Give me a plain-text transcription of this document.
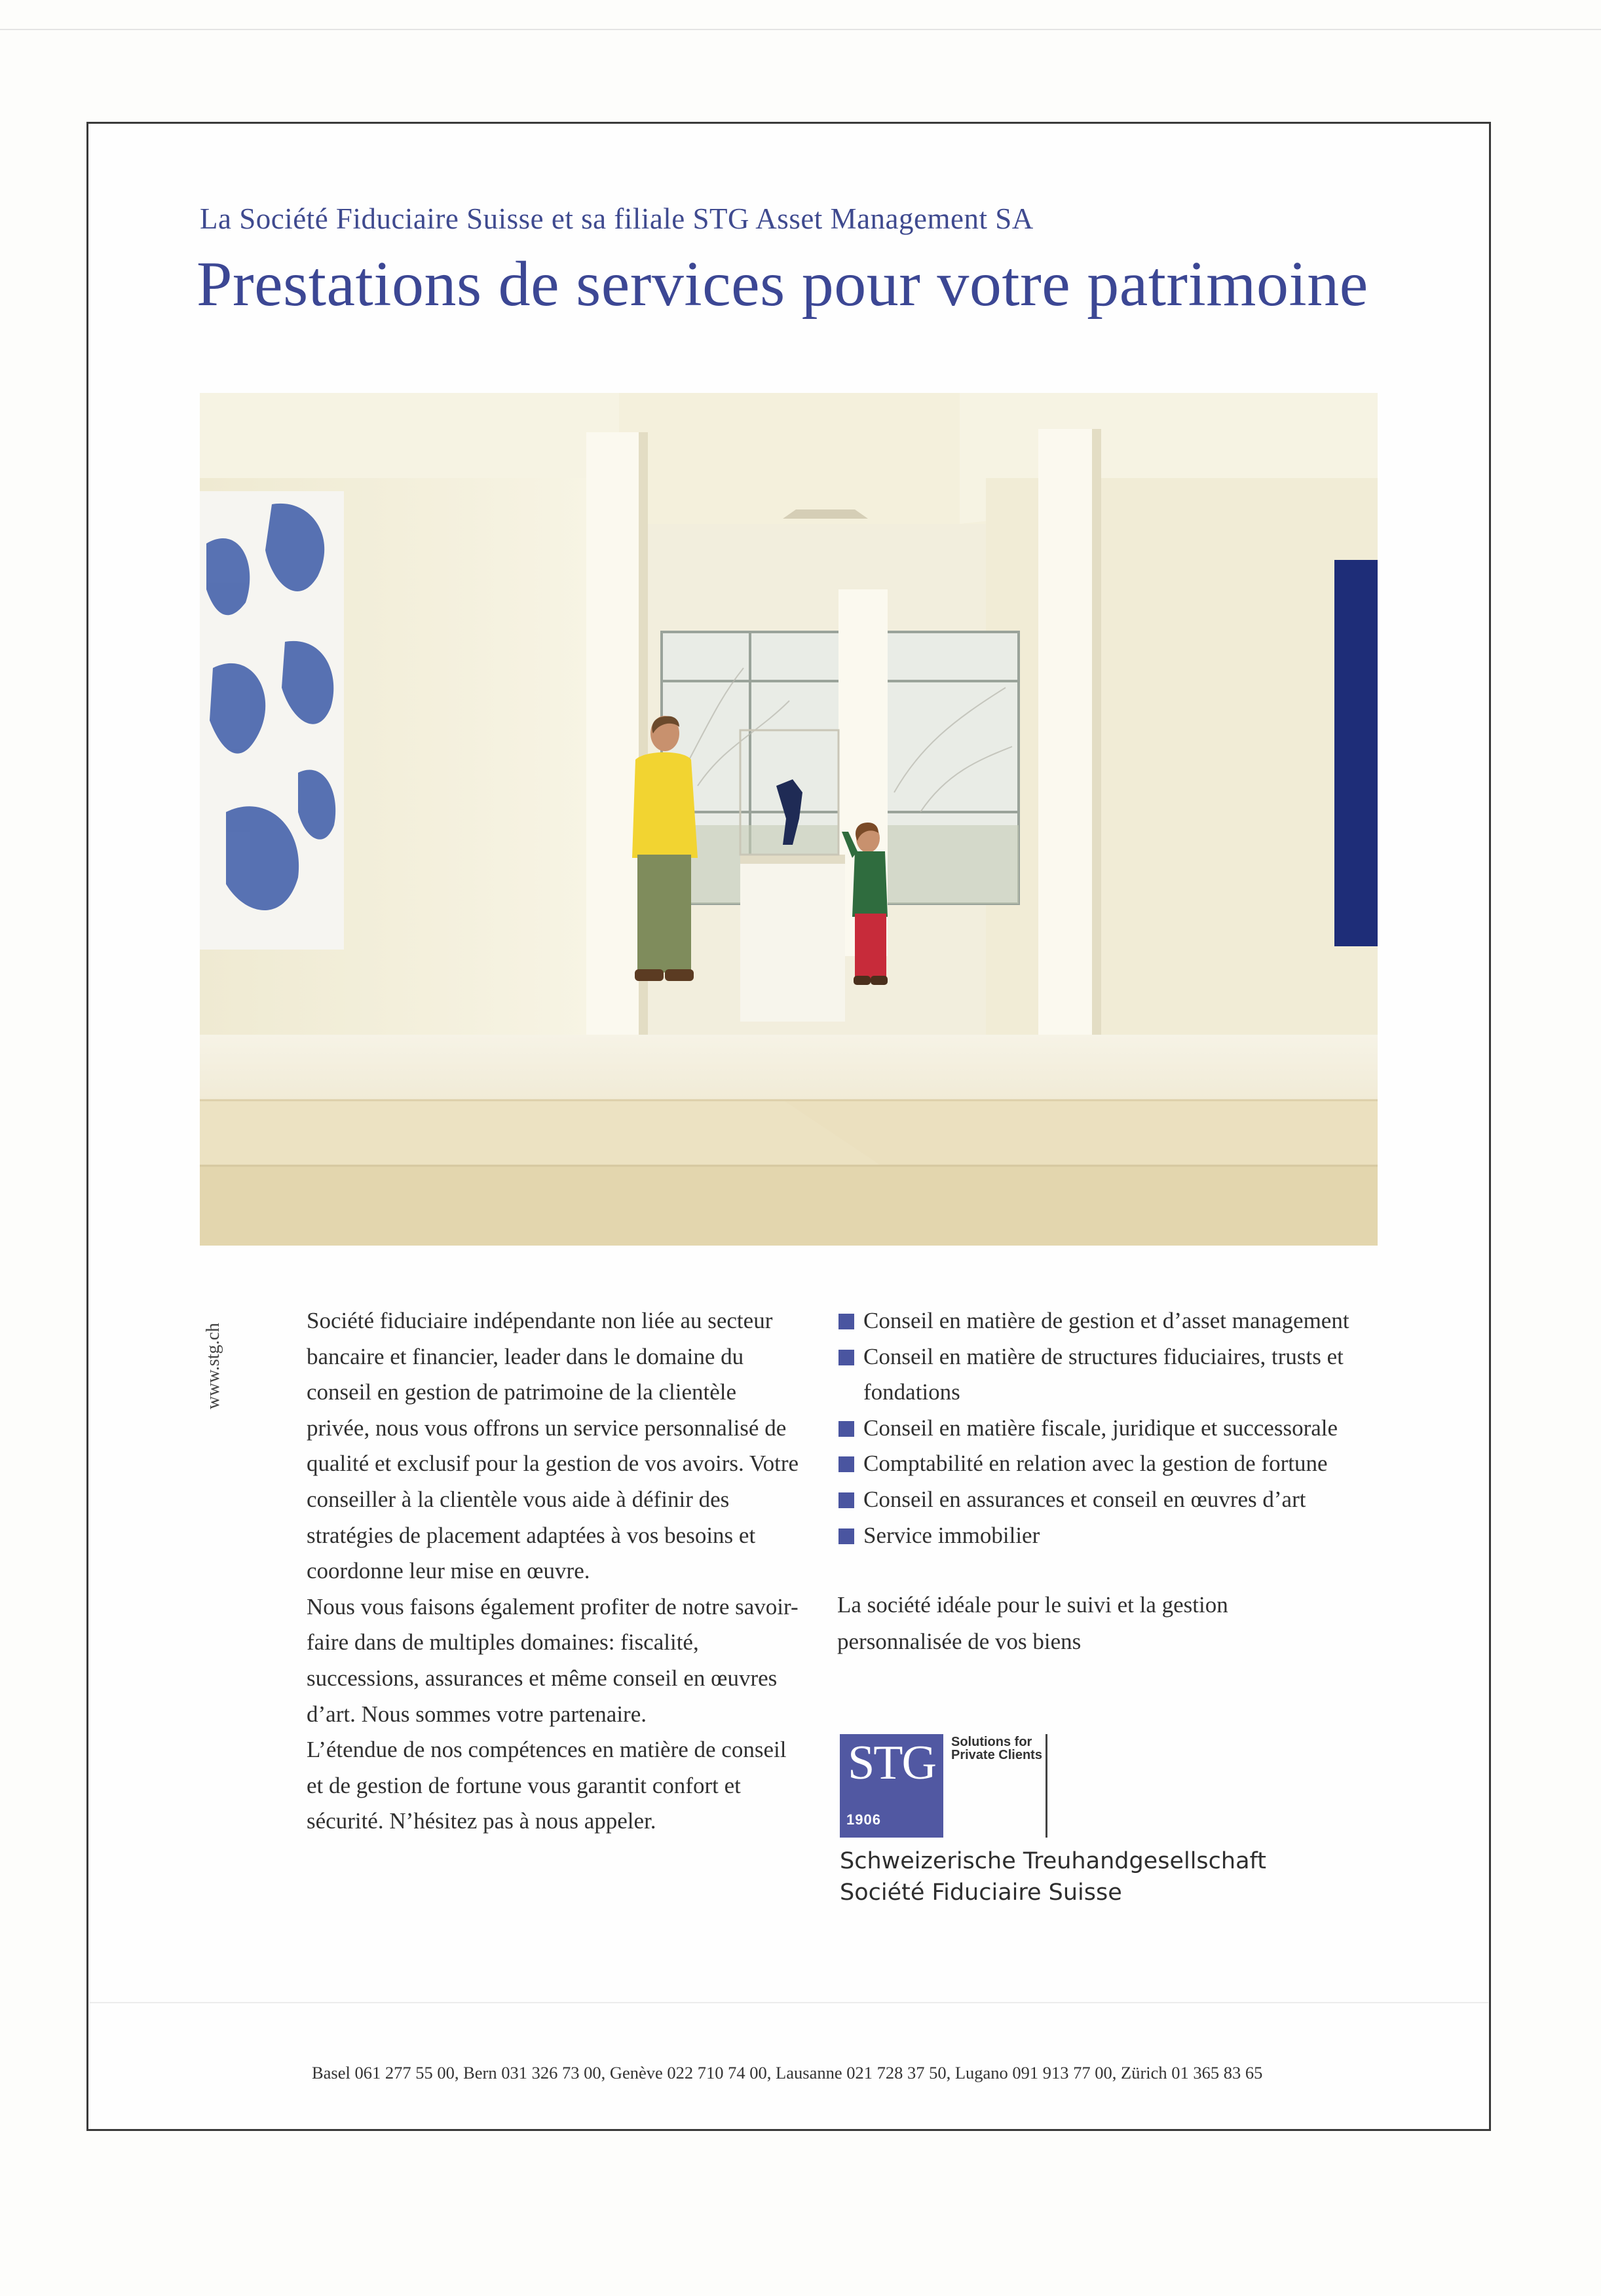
La Société Fiduciaire Suisse et sa filiale STG Asset Management SA
Prestations de services pour votre patrimoine
www.stg.ch

Société fiduciaire indépendante non liée au secteur bancaire et financier, leader dans le domaine du conseil en gestion de patrimoine de la clientèle privée, nous vous offrons un service personnalisé de qualité et exclusif pour la gestion de vos avoirs. Votre conseiller à la clientèle vous aide à définir des stratégies de placement adaptées à vos besoins et coordonne leur mise en œuvre.

Nous vous faisons également profiter de notre savoir-faire dans de multiples domaines: fiscalité, successions, assurances et même conseil en œuvres d’art. Nous sommes votre partenaire.

L’étendue de nos compétences en matière de conseil et de gestion de fortune vous garantit confort et sécurité. N’hésitez pas à nous appeler.

Conseil en matière de gestion et d’asset management
Conseil en matière de structures fiduciaires, trusts et fondations
Conseil en matière fiscale, juridique et successorale
Comptabilité en relation avec la gestion de fortune
Conseil en assurances et conseil en œuvres d’art
Service immobilier
La société idéale pour le suivi et la gestion personnalisée de vos biens
STG
1906
Solutions for Private Clients
Schweizerische Treuhandgesellschaft
Société Fiduciaire Suisse
Basel 061 277 55 00, Bern 031 326 73 00, Genève 022 710 74 00, Lausanne 021 728 37 50, Lugano 091 913 77 00, Zürich 01 365 83 65
